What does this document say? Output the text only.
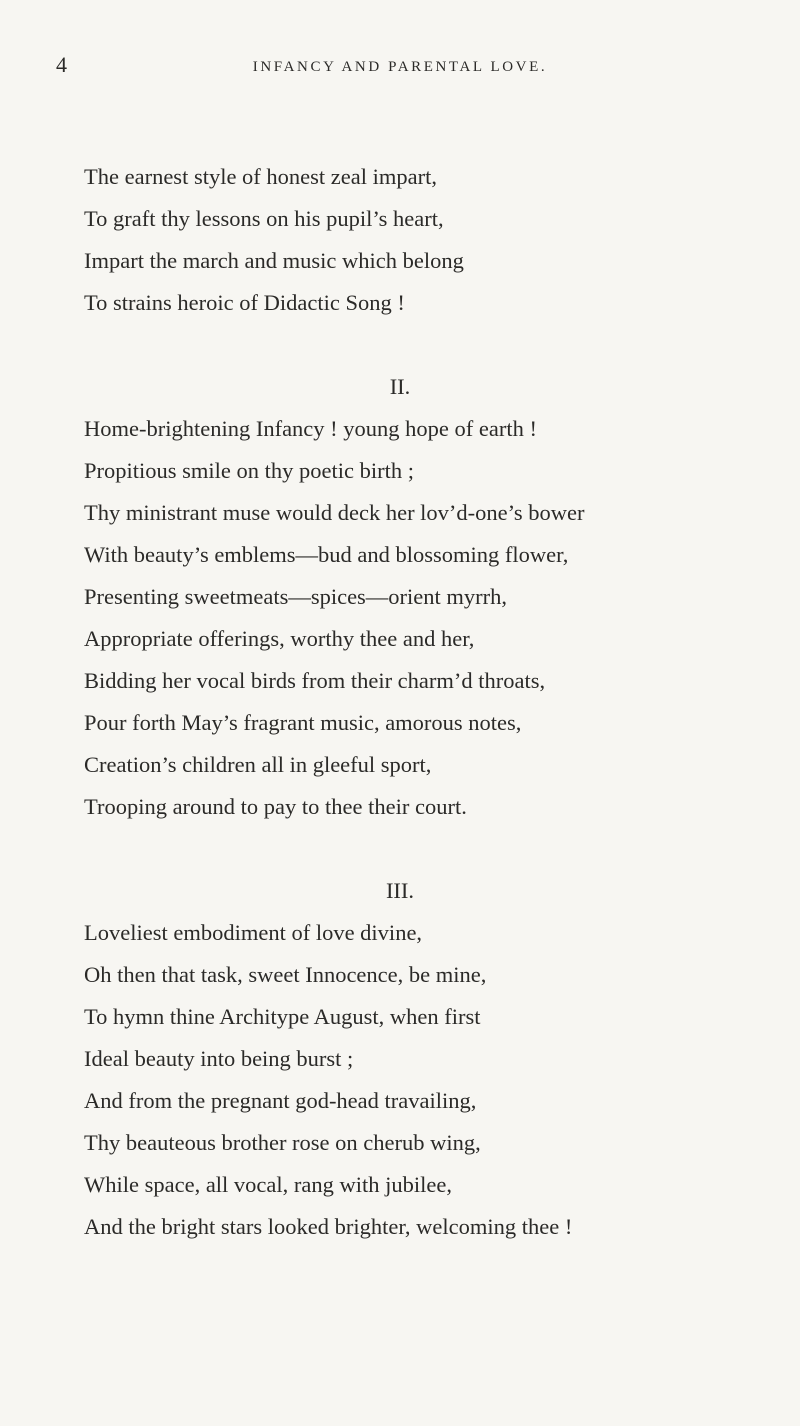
4	INFANCY AND PARENTAL LOVE.
The earnest style of honest zeal impart,
To graft thy lessons on his pupil’s heart,
Impart the march and music which belong
To strains heroic of Didactic Song !
II.
Home-brightening Infancy ! young hope of earth !
Propitious smile on thy poetic birth ;
Thy ministrant muse would deck her lov’d-one’s bower
With beauty’s emblems—bud and blossoming flower,
Presenting sweetmeats—spices—orient myrrh,
Appropriate offerings, worthy thee and her,
Bidding her vocal birds from their charm’d throats,
Pour forth May’s fragrant music, amorous notes,
Creation’s children all in gleeful sport,
Trooping around to pay to thee their court.
III.
Loveliest embodiment of love divine,
Oh then that task, sweet Innocence, be mine,
To hymn thine Architype August, when first
Ideal beauty into being burst ;
And from the pregnant god-head travailing,
Thy beauteous brother rose on cherub wing,
While space, all vocal, rang with jubilee,
And the bright stars looked brighter, welcoming thee !
